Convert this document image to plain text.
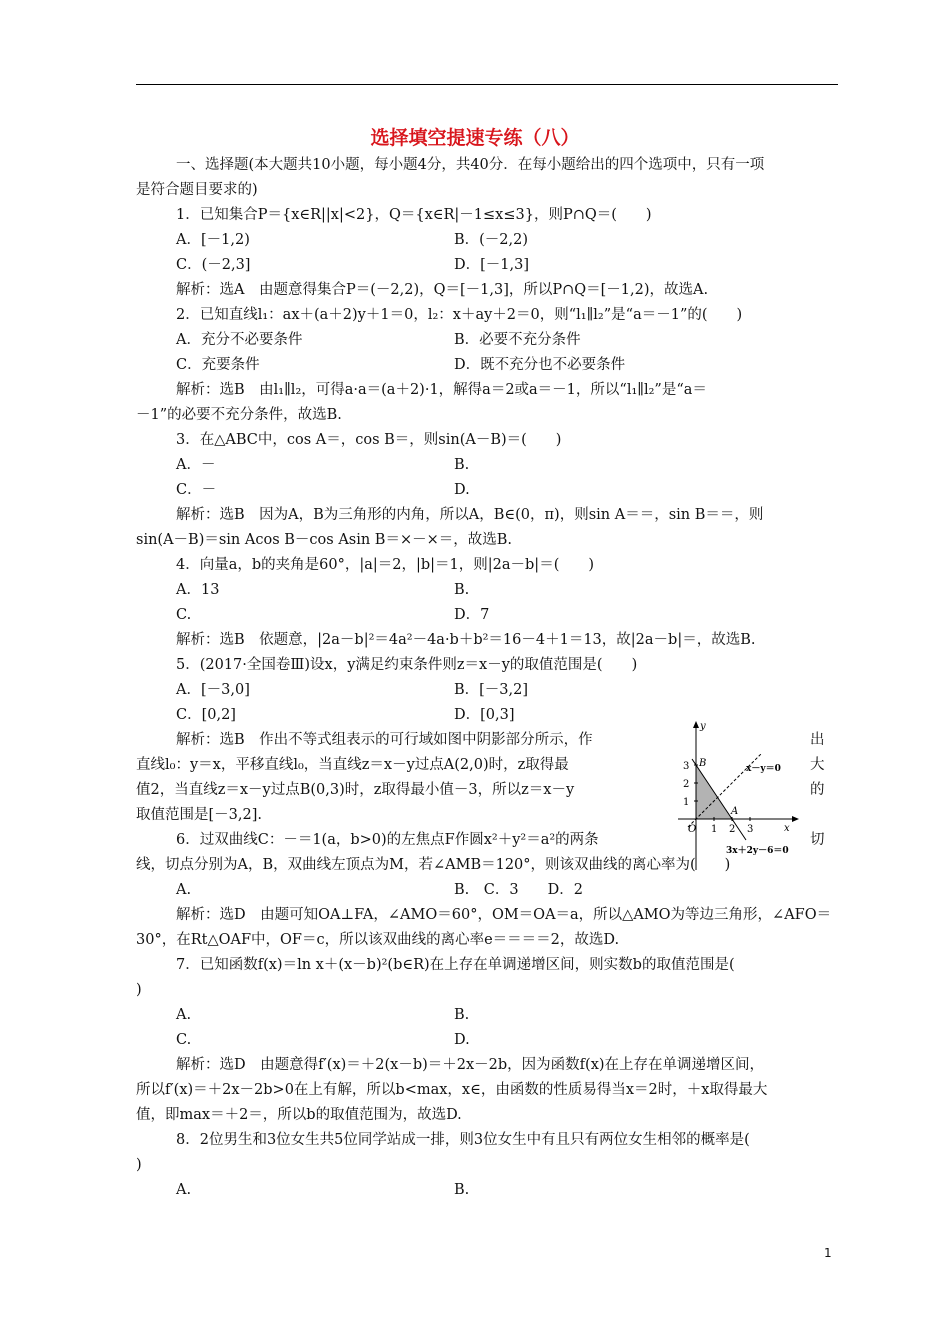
选择填空提速专练（八）
一、选择题(本大题共10小题，每小题4分，共40分．在每小题给出的四个选项中，只有一项
是符合题目要求的)
1．已知集合P＝{x∈R||x|<2}，Q＝{x∈R|－1≤x≤3}，则P∩Q＝(　　)
A．[－1,2)	B．(－2,2)
C．(－2,3]	D．[－1,3]
解析：选A　由题意得集合P＝(－2,2)，Q＝[－1,3]，所以P∩Q＝[－1,2)，故选A.
2．已知直线l₁：ax＋(a＋2)y＋1＝0，l₂：x＋ay＋2＝0，则“l₁∥l₂”是“a＝－1”的(　　)
A．充分不必要条件	B．必要不充分条件
C．充要条件	D．既不充分也不必要条件
解析：选B　由l₁∥l₂，可得a·a＝(a＋2)·1，解得a＝2或a＝－1，所以“l₁∥l₂”是“a＝
－1”的必要不充分条件，故选B.
3．在△ABC中，cos A＝，cos B＝，则sin(A－B)＝(　　)
A．－	B.
C．－	D.
解析：选B　因为A，B为三角形的内角，所以A，B∈(0，π)，则sin A＝＝，sin B＝＝，则
sin(A－B)＝sin Acos B－cos Asin B＝×－×＝，故选B.
4．向量a，b的夹角是60°，|a|＝2，|b|＝1，则|2a－b|＝(　　)
A．13	B.
C.	D．7
解析：选B　依题意，|2a－b|²＝4a²－4a·b＋b²＝16－4＋1＝13，故|2a－b|＝，故选B.
5．(2017·全国卷Ⅲ)设x，y满足约束条件则z＝x－y的取值范围是(　　)
A．[－3,0]	B．[－3,2]
C．[0,2]	D．[0,3]
解析：选B　作出不等式组表示的可行域如图中阴影部分所示，作	出
直线l₀：y＝x，平移直线l₀，当直线z＝x－y过点A(2,0)时，z取得最	大
值2，当直线z＝x－y过点B(0,3)时，z取得最小值－3，所以z＝x－y	的
取值范围是[－3,2].
6．过双曲线C：－＝1(a，b>0)的左焦点F作圆x²＋y²＝a²的两条	切
线，切点分别为A，B，双曲线左顶点为M，若∠AMB＝120°，则该双曲线的离心率为(　　)
A.	B.　C．3　　D．2
解析：选D　由题可知OA⊥FA，∠AMO＝60°，OM＝OA＝a，所以△AMO为等边三角形，∠AFO＝
30°，在Rt△OAF中，OF＝c，所以该双曲线的离心率e＝＝＝＝2，故选D.
7．已知函数f(x)＝ln x＋(x－b)²(b∈R)在上存在单调递增区间，则实数b的取值范围是(
)
A.	B.
C.	D.
解析：选D　由题意得f′(x)＝＋2(x－b)＝＋2x－2b，因为函数f(x)在上存在单调递增区间，
所以f′(x)＝＋2x－2b>0在上有解，所以b<max，x∈，由函数的性质易得当x＝2时，＋x取得最大
值，即max＝＋2＝，所以b的取值范围为，故选D.
8．2位男生和3位女生共5位同学站成一排，则3位女生中有且只有两位女生相邻的概率是(
)
A.	B.
y
x
O
3
2
1
1 2 3
B
A
x－y＝0
3x＋2y－6＝0
1
